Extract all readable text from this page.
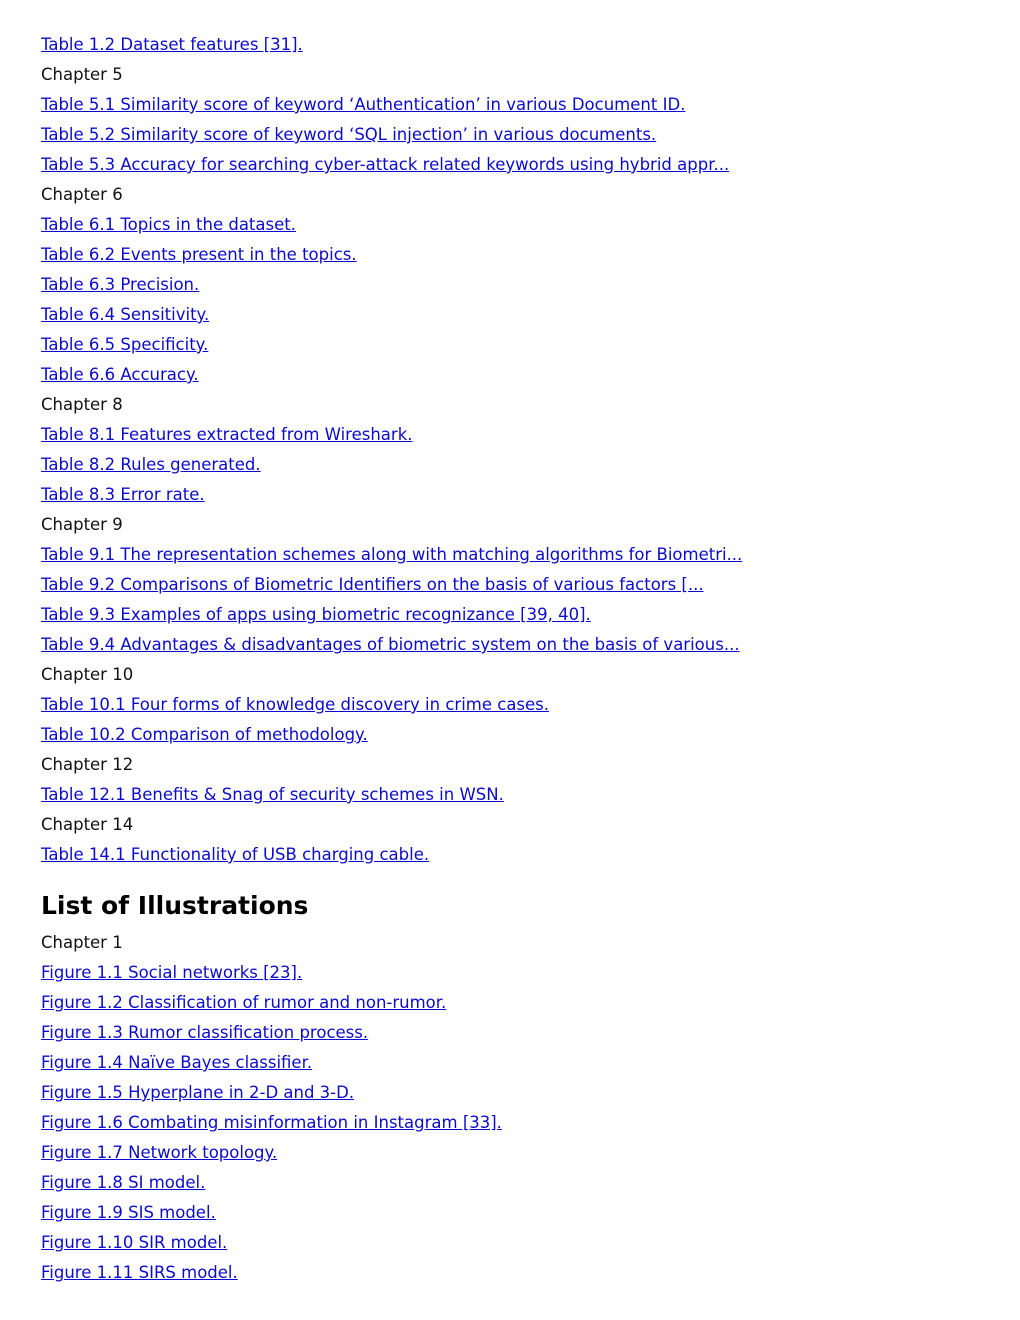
Table 1.2 Dataset features [31].
Chapter 5
Table 5.1 Similarity score of keyword ‘Authentication’ in various Document ID.
Table 5.2 Similarity score of keyword ‘SQL injection’ in various documents.
Table 5.3 Accuracy for searching cyber-attack related keywords using hybrid appr...
Chapter 6
Table 6.1 Topics in the dataset.
Table 6.2 Events present in the topics.
Table 6.3 Precision.
Table 6.4 Sensitivity.
Table 6.5 Specificity.
Table 6.6 Accuracy.
Chapter 8
Table 8.1 Features extracted from Wireshark.
Table 8.2 Rules generated.
Table 8.3 Error rate.
Chapter 9
Table 9.1 The representation schemes along with matching algorithms for Biometri...
Table 9.2 Comparisons of Biometric Identifiers on the basis of various factors [...
Table 9.3 Examples of apps using biometric recognizance [39, 40].
Table 9.4 Advantages & disadvantages of biometric system on the basis of various...
Chapter 10
Table 10.1 Four forms of knowledge discovery in crime cases.
Table 10.2 Comparison of methodology.
Chapter 12
Table 12.1 Benefits & Snag of security schemes in WSN.
Chapter 14
Table 14.1 Functionality of USB charging cable.
List of Illustrations
Chapter 1
Figure 1.1 Social networks [23].
Figure 1.2 Classification of rumor and non-rumor.
Figure 1.3 Rumor classification process.
Figure 1.4 Naïve Bayes classifier.
Figure 1.5 Hyperplane in 2-D and 3-D.
Figure 1.6 Combating misinformation in Instagram [33].
Figure 1.7 Network topology.
Figure 1.8 SI model.
Figure 1.9 SIS model.
Figure 1.10 SIR model.
Figure 1.11 SIRS model.
